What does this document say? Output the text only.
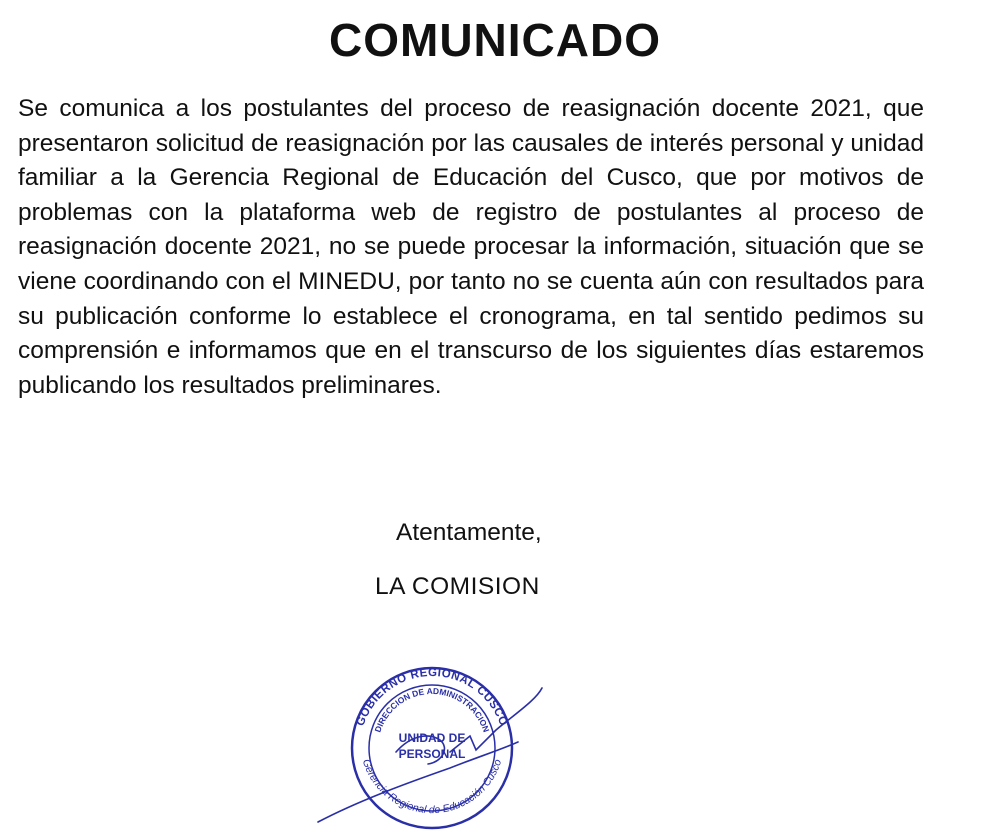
COMUNICADO

Se comunica a los postulantes del proceso de reasignación docente 2021, que presentaron solicitud de reasignación por las causales de interés personal y unidad familiar a la Gerencia Regional de Educación del Cusco, que por motivos de problemas con la plataforma web de registro de postulantes al proceso de reasignación docente 2021, no se puede procesar la información, situación que se viene coordinando con el MINEDU, por tanto no se cuenta aún con resultados para su publicación conforme lo establece el cronograma, en tal sentido pedimos su comprensión e informamos que en el transcurso de los siguientes días estaremos publicando los resultados preliminares.

Atentamente,
LA COMISION
GOBIERNO REGIONAL CUSCO
DIRECCION DE ADMINISTRACION
Gerencia Regional de Educación Cusco
UNIDAD DE
PERSONAL
